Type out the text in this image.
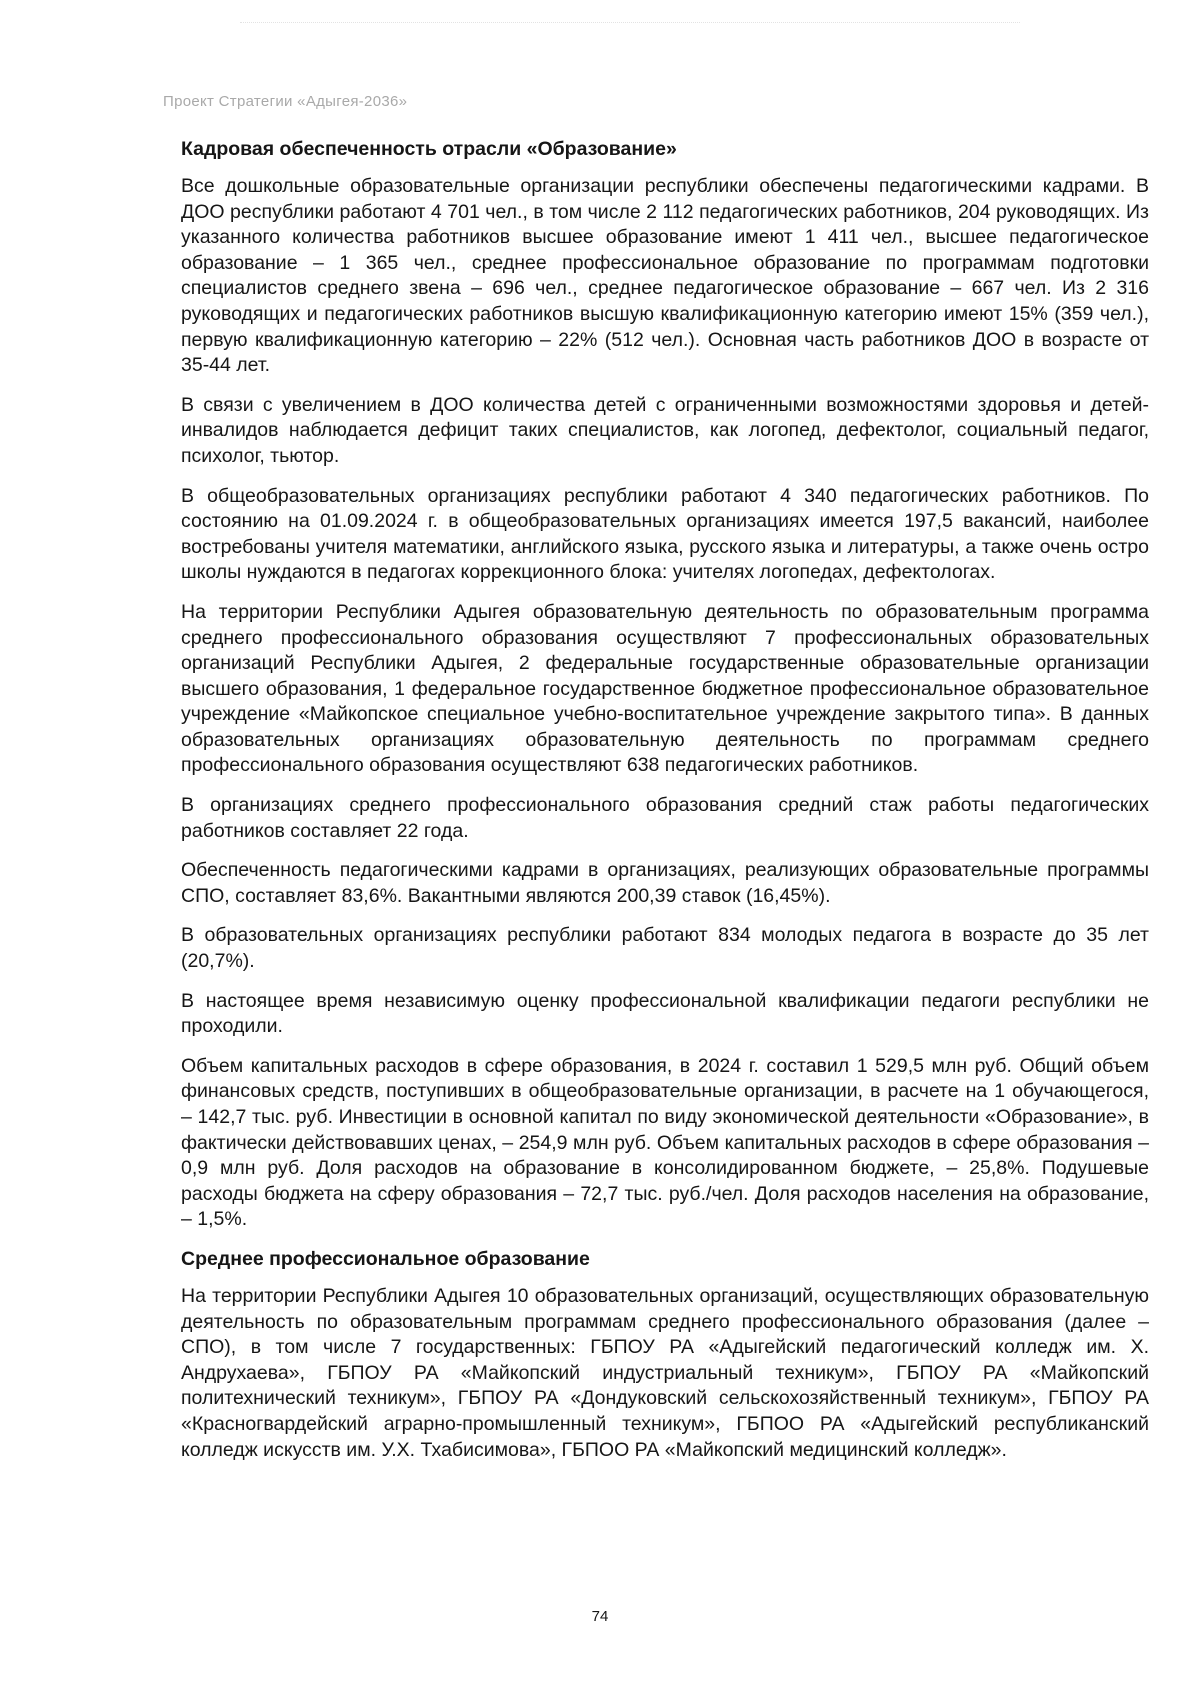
Проект Стратегии «Адыгея-2036»
Кадровая обеспеченность отрасли «Образование»

Все дошкольные образовательные организации республики обеспечены педагогическими кадрами. В ДОО республики работают 4 701 чел., в том числе 2 112 педагогических работников, 204 руководящих. Из указанного количества работников высшее образование имеют 1 411 чел., высшее педагогическое образование – 1 365 чел., среднее профессиональное образование по программам подготовки специалистов среднего звена – 696 чел., среднее педагогическое образование – 667 чел. Из 2 316 руководящих и педагогических работников высшую квалификационную категорию имеют 15% (359 чел.), первую квалификационную категорию – 22% (512 чел.). Основная часть работников ДОО в возрасте от 35-44 лет.

В связи с увеличением в ДОО количества детей с ограниченными возможностями здоровья и детей-инвалидов наблюдается дефицит таких специалистов, как логопед, дефектолог, социальный педагог, психолог, тьютор.

В общеобразовательных организациях республики работают 4 340 педагогических работников. По состоянию на 01.09.2024 г. в общеобразовательных организациях имеется 197,5 вакансий, наиболее востребованы учителя математики, английского языка, русского языка и литературы, а также очень остро школы нуждаются в педагогах коррекционного блока: учителях логопедах, дефектологах.

На территории Республики Адыгея образовательную деятельность по образовательным программа среднего профессионального образования осуществляют 7 профессиональных образовательных организаций Республики Адыгея, 2 федеральные государственные образовательные организации высшего образования, 1 федеральное государственное бюджетное профессиональное образовательное учреждение «Майкопское специальное учебно-воспитательное учреждение закрытого типа». В данных образовательных организациях образовательную деятельность по программам среднего профессионального образования осуществляют 638 педагогических работников.

В организациях среднего профессионального образования средний стаж работы педагогических работников составляет 22 года.

Обеспеченность педагогическими кадрами в организациях, реализующих образовательные программы СПО, составляет 83,6%. Вакантными являются 200,39 ставок (16,45%).

В образовательных организациях республики работают 834 молодых педагога в возрасте до 35 лет (20,7%).

В настоящее время независимую оценку профессиональной квалификации педагоги республики не проходили.

Объем капитальных расходов в сфере образования, в 2024 г. составил 1 529,5 млн руб. Общий объем финансовых средств, поступивших в общеобразовательные организации, в расчете на 1 обучающегося, – 142,7 тыс. руб. Инвестиции в основной капитал по виду экономической деятельности «Образование», в фактически действовавших ценах, – 254,9 млн руб. Объем капитальных расходов в сфере образования – 0,9 млн руб. Доля расходов на образование в консолидированном бюджете, – 25,8%. Подушевые расходы бюджета на сферу образования – 72,7 тыс. руб./чел. Доля расходов населения на образование, – 1,5%.

Среднее профессиональное образование

На территории Республики Адыгея 10 образовательных организаций, осуществляющих образовательную деятельность по образовательным программам среднего профессионального образования (далее – СПО), в том числе 7 государственных: ГБПОУ РА «Адыгейский педагогический колледж им. Х. Андрухаева», ГБПОУ РА «Майкопский индустриальный техникум», ГБПОУ РА «Майкопский политехнический техникум», ГБПОУ РА «Дондуковский сельскохозяйственный техникум», ГБПОУ РА «Красногвардейский аграрно-промышленный техникум», ГБПОО РА «Адыгейский республиканский колледж искусств им. У.Х. Тхабисимова», ГБПОО РА «Майкопский медицинский колледж».

74
